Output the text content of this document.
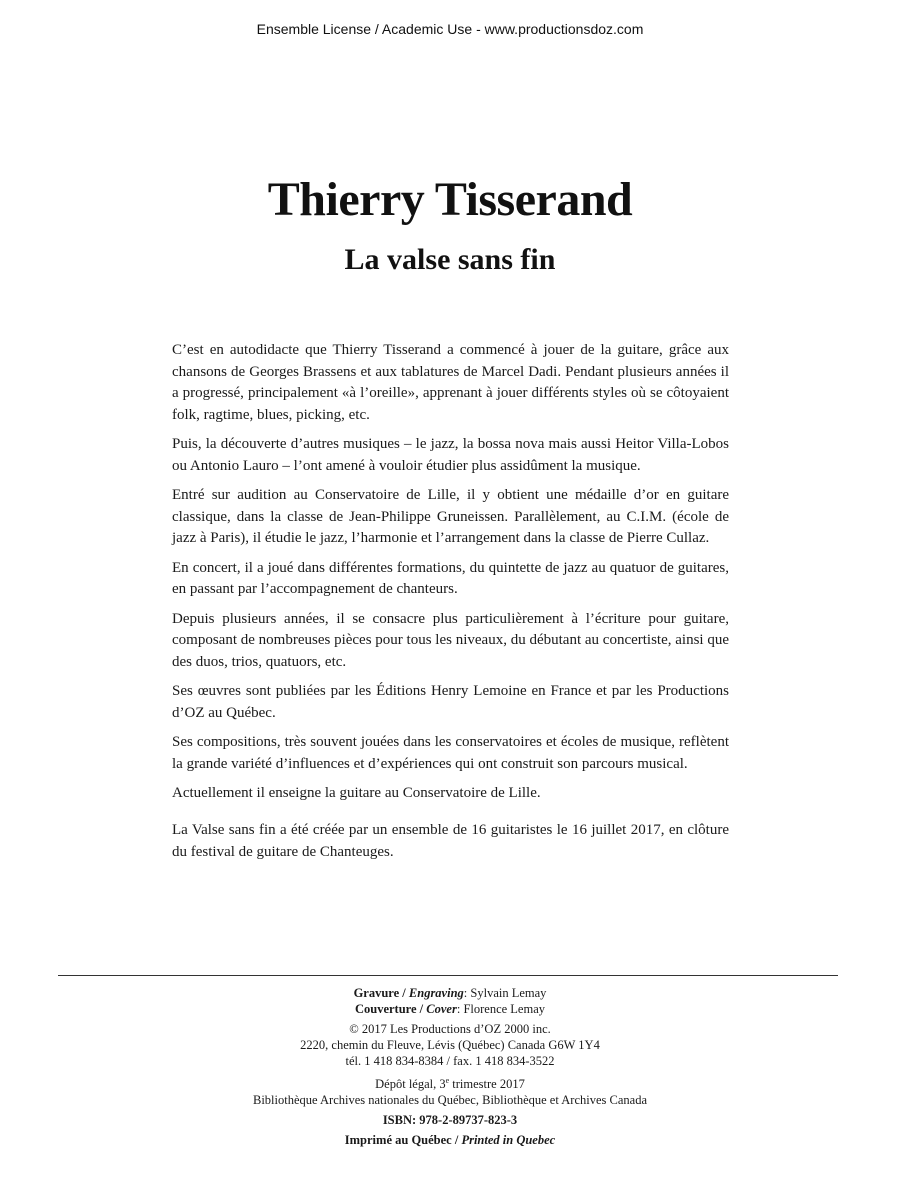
Ensemble License / Academic Use - www.productionsdoz.com
Thierry Tisserand
La valse sans fin

C’est en autodidacte que Thierry Tisserand a commencé à jouer de la guitare, grâce aux chansons de Georges Brassens et aux tablatures de Marcel Dadi. Pendant plusieurs années il a progressé, principalement «à l’oreille», apprenant à jouer différents styles où se côtoyaient folk, ragtime, blues, picking, etc.

Puis, la découverte d’autres musiques – le jazz, la bossa nova mais aussi Heitor Villa-Lobos ou Antonio Lauro – l’ont amené à vouloir étudier plus assidûment la musique.

Entré sur audition au Conservatoire de Lille, il y obtient une médaille d’or en guitare classique, dans la classe de Jean-Philippe Gruneissen. Parallèlement, au C.I.M. (école de jazz à Paris), il étudie le jazz, l’harmonie et l’arrangement dans la classe de Pierre Cullaz.

En concert, il a joué dans différentes formations, du quintette de jazz au quatuor de guitares, en passant par l’accompagnement de chanteurs.

Depuis plusieurs années, il se consacre plus particulièrement à l’écriture pour guitare, composant de nombreuses pièces pour tous les niveaux, du débutant au concertiste, ainsi que des duos, trios, quatuors, etc.

Ses œuvres sont publiées par les Éditions Henry Lemoine en France et par les Productions d’OZ au Québec.

Ses compositions, très souvent jouées dans les conservatoires et écoles de musique, reflètent la grande variété d’influences et d’expériences qui ont construit son parcours musical.

Actuellement il enseigne la guitare au Conservatoire de Lille.

La Valse sans fin a été créée par un ensemble de 16 guitaristes le 16 juillet 2017, en clôture du festival de guitare de Chanteuges.

Gravure / Engraving: Sylvain Lemay
Couverture / Cover: Florence Lemay
© 2017 Les Productions d’OZ 2000 inc.
2220, chemin du Fleuve, Lévis (Québec) Canada G6W 1Y4
tél. 1 418 834-8384 / fax. 1 418 834-3522
Dépôt légal, 3e trimestre 2017
Bibliothèque Archives nationales du Québec, Bibliothèque et Archives Canada
ISBN: 978-2-89737-823-3
Imprimé au Québec / Printed in Quebec
